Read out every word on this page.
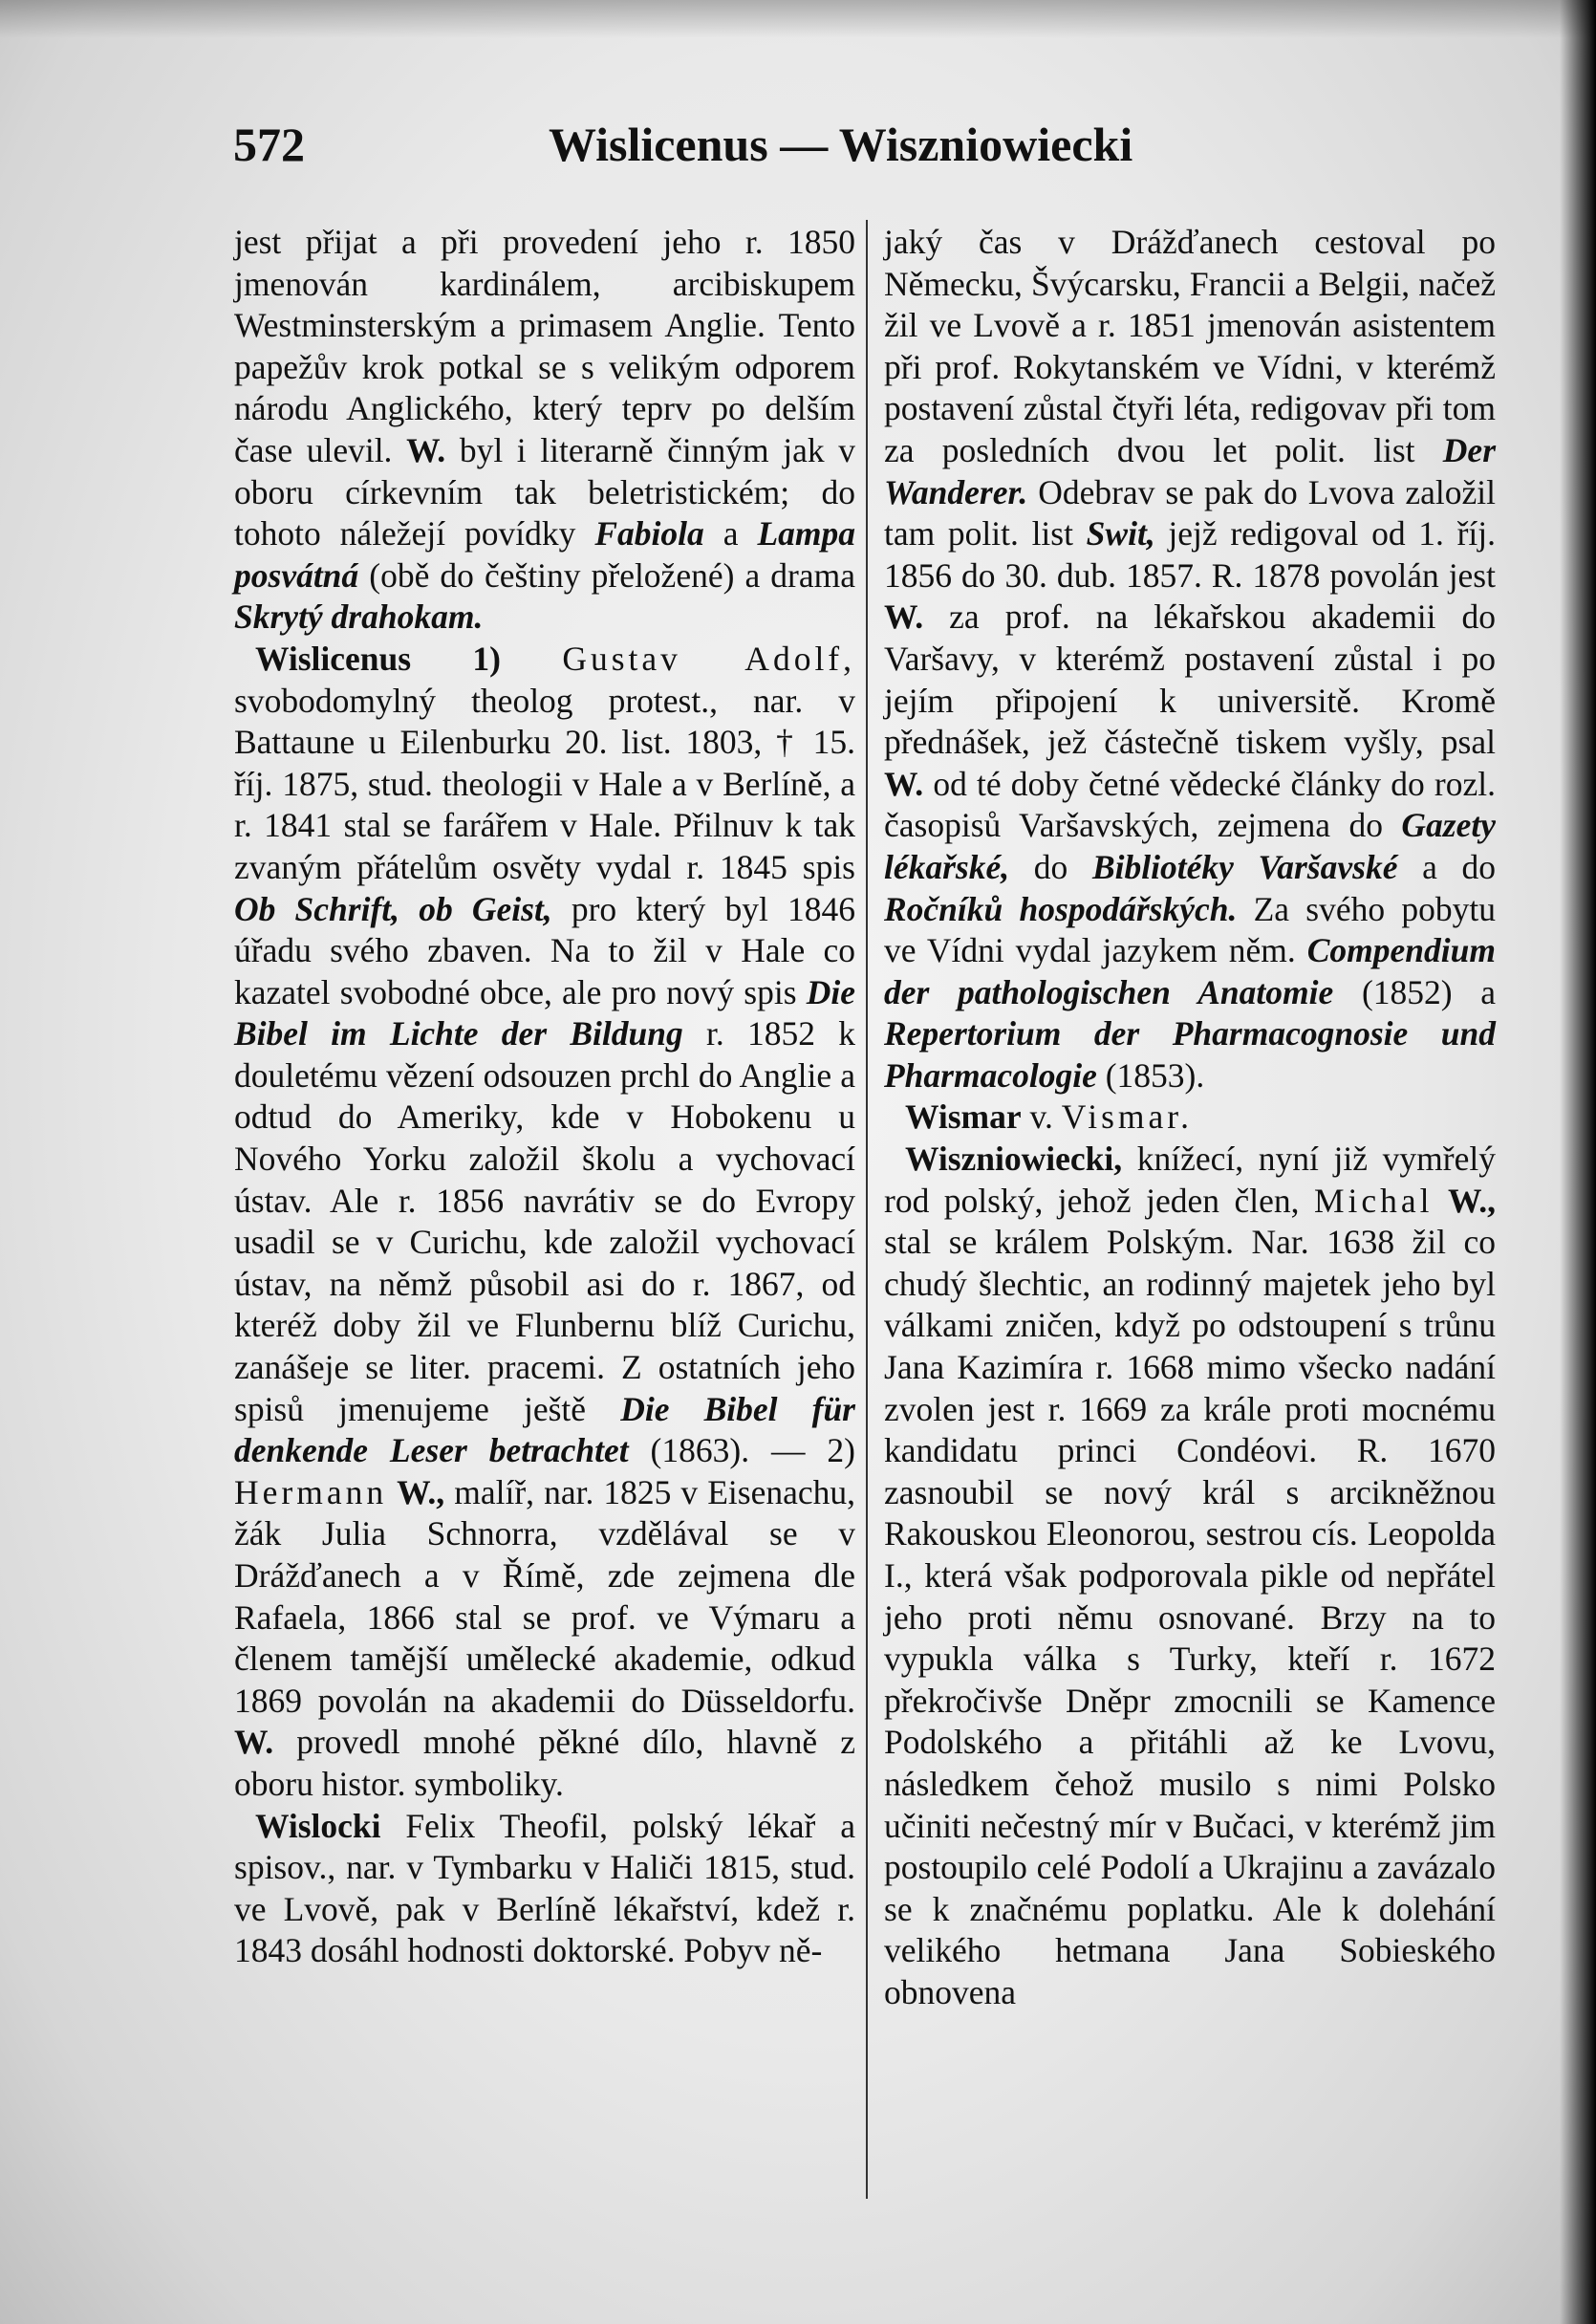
572	Wislicenus — Wiszniowiecki

jest přijat a při provedení jeho r. 1850 jmenován kardinálem, arcibiskupem Westminsterským a primasem Anglie. Tento papežův krok potkal se s velikým odporem národu Anglického, který teprv po delším čase ulevil. W. byl i literarně činným jak v oboru církevním tak beletristickém; do tohoto náležejí povídky Fabiola a Lampa posvátná (obě do češtiny přeložené) a drama Skrytý drahokam.

Wislicenus 1) Gustav Adolf, svobodomylný theolog protest., nar. v Battaune u Eilenburku 20. list. 1803, † 15. říj. 1875, stud. theologii v Hale a v Berlíně, a r. 1841 stal se farářem v Hale. Přilnuv k tak zvaným přátelům osvěty vydal r. 1845 spis Ob Schrift, ob Geist, pro který byl 1846 úřadu svého zbaven. Na to žil v Hale co kazatel svobodné obce, ale pro nový spis Die Bibel im Lichte der Bildung r. 1852 k douletému vězení odsouzen prchl do Anglie a odtud do Ameriky, kde v Hobokenu u Nového Yorku založil školu a vychovací ústav. Ale r. 1856 navrátiv se do Evropy usadil se v Curichu, kde založil vychovací ústav, na němž působil asi do r. 1867, od kteréž doby žil ve Flunbernu blíž Curichu, zanášeje se liter. pracemi. Z ostatních jeho spisů jmenujeme ještě Die Bibel für denkende Leser betrachtet (1863). — 2) Hermann W., malíř, nar. 1825 v Eisenachu, žák Julia Schnorra, vzdělával se v Drážďanech a v Římě, zde zejmena dle Rafaela, 1866 stal se prof. ve Výmaru a členem tamější umělecké akademie, odkud 1869 povolán na akademii do Düsseldorfu. W. provedl mnohé pěkné dílo, hlavně z oboru histor. symboliky.

Wislocki Felix Theofil, polský lékař a spisov., nar. v Tymbarku v Haliči 1815, stud. ve Lvově, pak v Berlíně lékařství, kdež r. 1843 dosáhl hodnosti doktorské. Pobyv ně-

jaký čas v Drážďanech cestoval po Německu, Švýcarsku, Francii a Belgii, načež žil ve Lvově a r. 1851 jmenován asistentem při prof. Rokytanském ve Vídni, v kterémž postavení zůstal čtyři léta, redigovav při tom za posledních dvou let polit. list Der Wanderer. Odebrav se pak do Lvova založil tam polit. list Swit, jejž redigoval od 1. říj. 1856 do 30. dub. 1857. R. 1878 povolán jest W. za prof. na lékařskou akademii do Varšavy, v kterémž postavení zůstal i po jejím připojení k universitě. Kromě přednášek, jež částečně tiskem vyšly, psal W. od té doby četné vědecké články do rozl. časopisů Varšavských, zejmena do Gazety lékařské, do Bibliotéky Varšavské a do Ročníků hospodářských. Za svého pobytu ve Vídni vydal jazykem něm. Compendium der pathologischen Anatomie (1852) a Repertorium der Pharmacognosie und Pharmacologie (1853).

Wismar v. Vismar.

Wiszniowiecki, knížecí, nyní již vymřelý rod polský, jehož jeden člen, Michal W., stal se králem Polským. Nar. 1638 žil co chudý šlechtic, an rodinný majetek jeho byl válkami zničen, když po odstoupení s trůnu Jana Kazimíra r. 1668 mimo všecko nadání zvolen jest r. 1669 za krále proti mocnému kandidatu princi Condéovi. R. 1670 zasnoubil se nový král s arcikněžnou Rakouskou Eleonorou, sestrou cís. Leopolda I., která však podporovala pikle od nepřátel jeho proti němu osnované. Brzy na to vypukla válka s Turky, kteří r. 1672 překročivše Dněpr zmocnili se Kamence Podolského a přitáhli až ke Lvovu, následkem čehož musilo s nimi Polsko učiniti nečestný mír v Bučaci, v kterémž jim postoupilo celé Podolí a Ukrajinu a zavázalo se k značnému poplatku. Ale k dolehání velikého hetmana Jana Sobieského obnovena
